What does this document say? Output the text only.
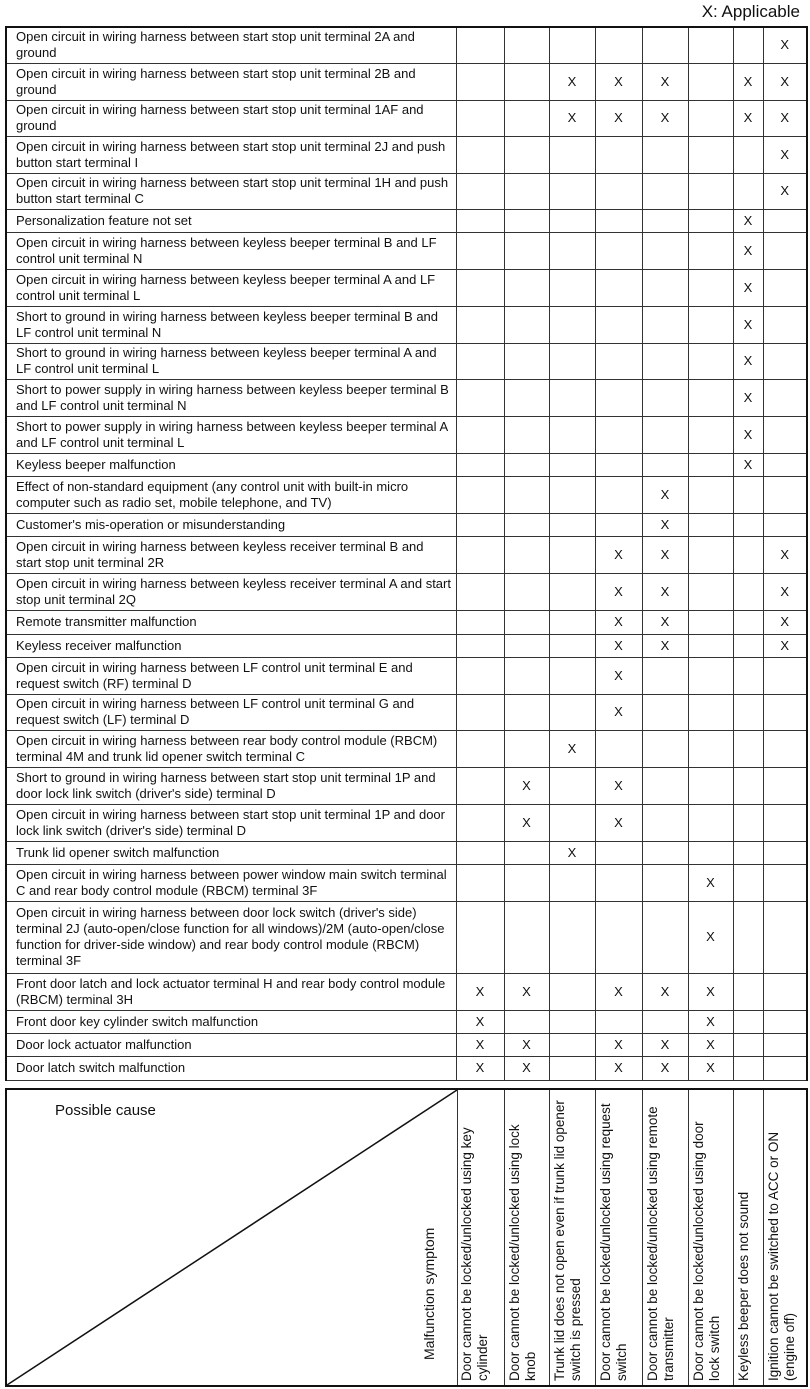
X: Applicable
Open circuit in wiring harness between start stop unit terminal 2A and ground								X
Open circuit in wiring harness between start stop unit terminal 2B and ground			X	X	X		X	X
Open circuit in wiring harness between start stop unit terminal 1AF and ground			X	X	X		X	X
Open circuit in wiring harness between start stop unit terminal 2J and push button start terminal I								X
Open circuit in wiring harness between start stop unit terminal 1H and push button start terminal C								X
Personalization feature not set							X	
Open circuit in wiring harness between keyless beeper terminal B and LF control unit terminal N							X	
Open circuit in wiring harness between keyless beeper terminal A and LF control unit terminal L							X	
Short to ground in wiring harness between keyless beeper terminal B and LF control unit terminal N							X	
Short to ground in wiring harness between keyless beeper terminal A and LF control unit terminal L							X	
Short to power supply in wiring harness between keyless beeper terminal B and LF control unit terminal N							X	
Short to power supply in wiring harness between keyless beeper terminal A and LF control unit terminal L							X	
Keyless beeper malfunction							X	
Effect of non-standard equipment (any control unit with built-in micro computer such as radio set, mobile telephone, and TV)					X			
Customer's mis-operation or misunderstanding					X			
Open circuit in wiring harness between keyless receiver terminal B and start stop unit terminal 2R				X	X			X
Open circuit in wiring harness between keyless receiver terminal A and start stop unit terminal 2Q				X	X			X
Remote transmitter malfunction				X	X			X
Keyless receiver malfunction				X	X			X
Open circuit in wiring harness between LF control unit terminal E and request switch (RF) terminal D				X				
Open circuit in wiring harness between LF control unit terminal G and request switch (LF) terminal D				X				
Open circuit in wiring harness between rear body control module (RBCM) terminal 4M and trunk lid opener switch terminal C			X					
Short to ground in wiring harness between start stop unit terminal 1P and door lock link switch (driver's side) terminal D		X		X				
Open circuit in wiring harness between start stop unit terminal 1P and door lock link switch (driver's side) terminal D		X		X				
Trunk lid opener switch malfunction			X					
Open circuit in wiring harness between power window main switch terminal C and rear body control module (RBCM) terminal 3F						X		
Open circuit in wiring harness between door lock switch (driver's side) terminal 2J (auto-open/close function for all windows)/2M (auto-open/close function for driver-side window) and rear body control module (RBCM) terminal 3F						X		
Front door latch and lock actuator terminal H and rear body control module (RBCM) terminal 3H	X	X		X	X	X		
Front door key cylinder switch malfunction	X					X		
Door lock actuator malfunction	X	X		X	X	X		
Door latch switch malfunction	X	X		X	X	X		
Possible cause
Malfunction symptom Door cannot be locked/unlocked using key cylinder Door cannot be locked/unlocked using lock knob Trunk lid does not open even if trunk lid opener switch is pressed Door cannot be locked/unlocked using request switch Door cannot be locked/unlocked using remote transmitter Door cannot be locked/unlocked using door lock switch Keyless beeper does not sound Ignition cannot be switched to ACC or ON (engine off)
